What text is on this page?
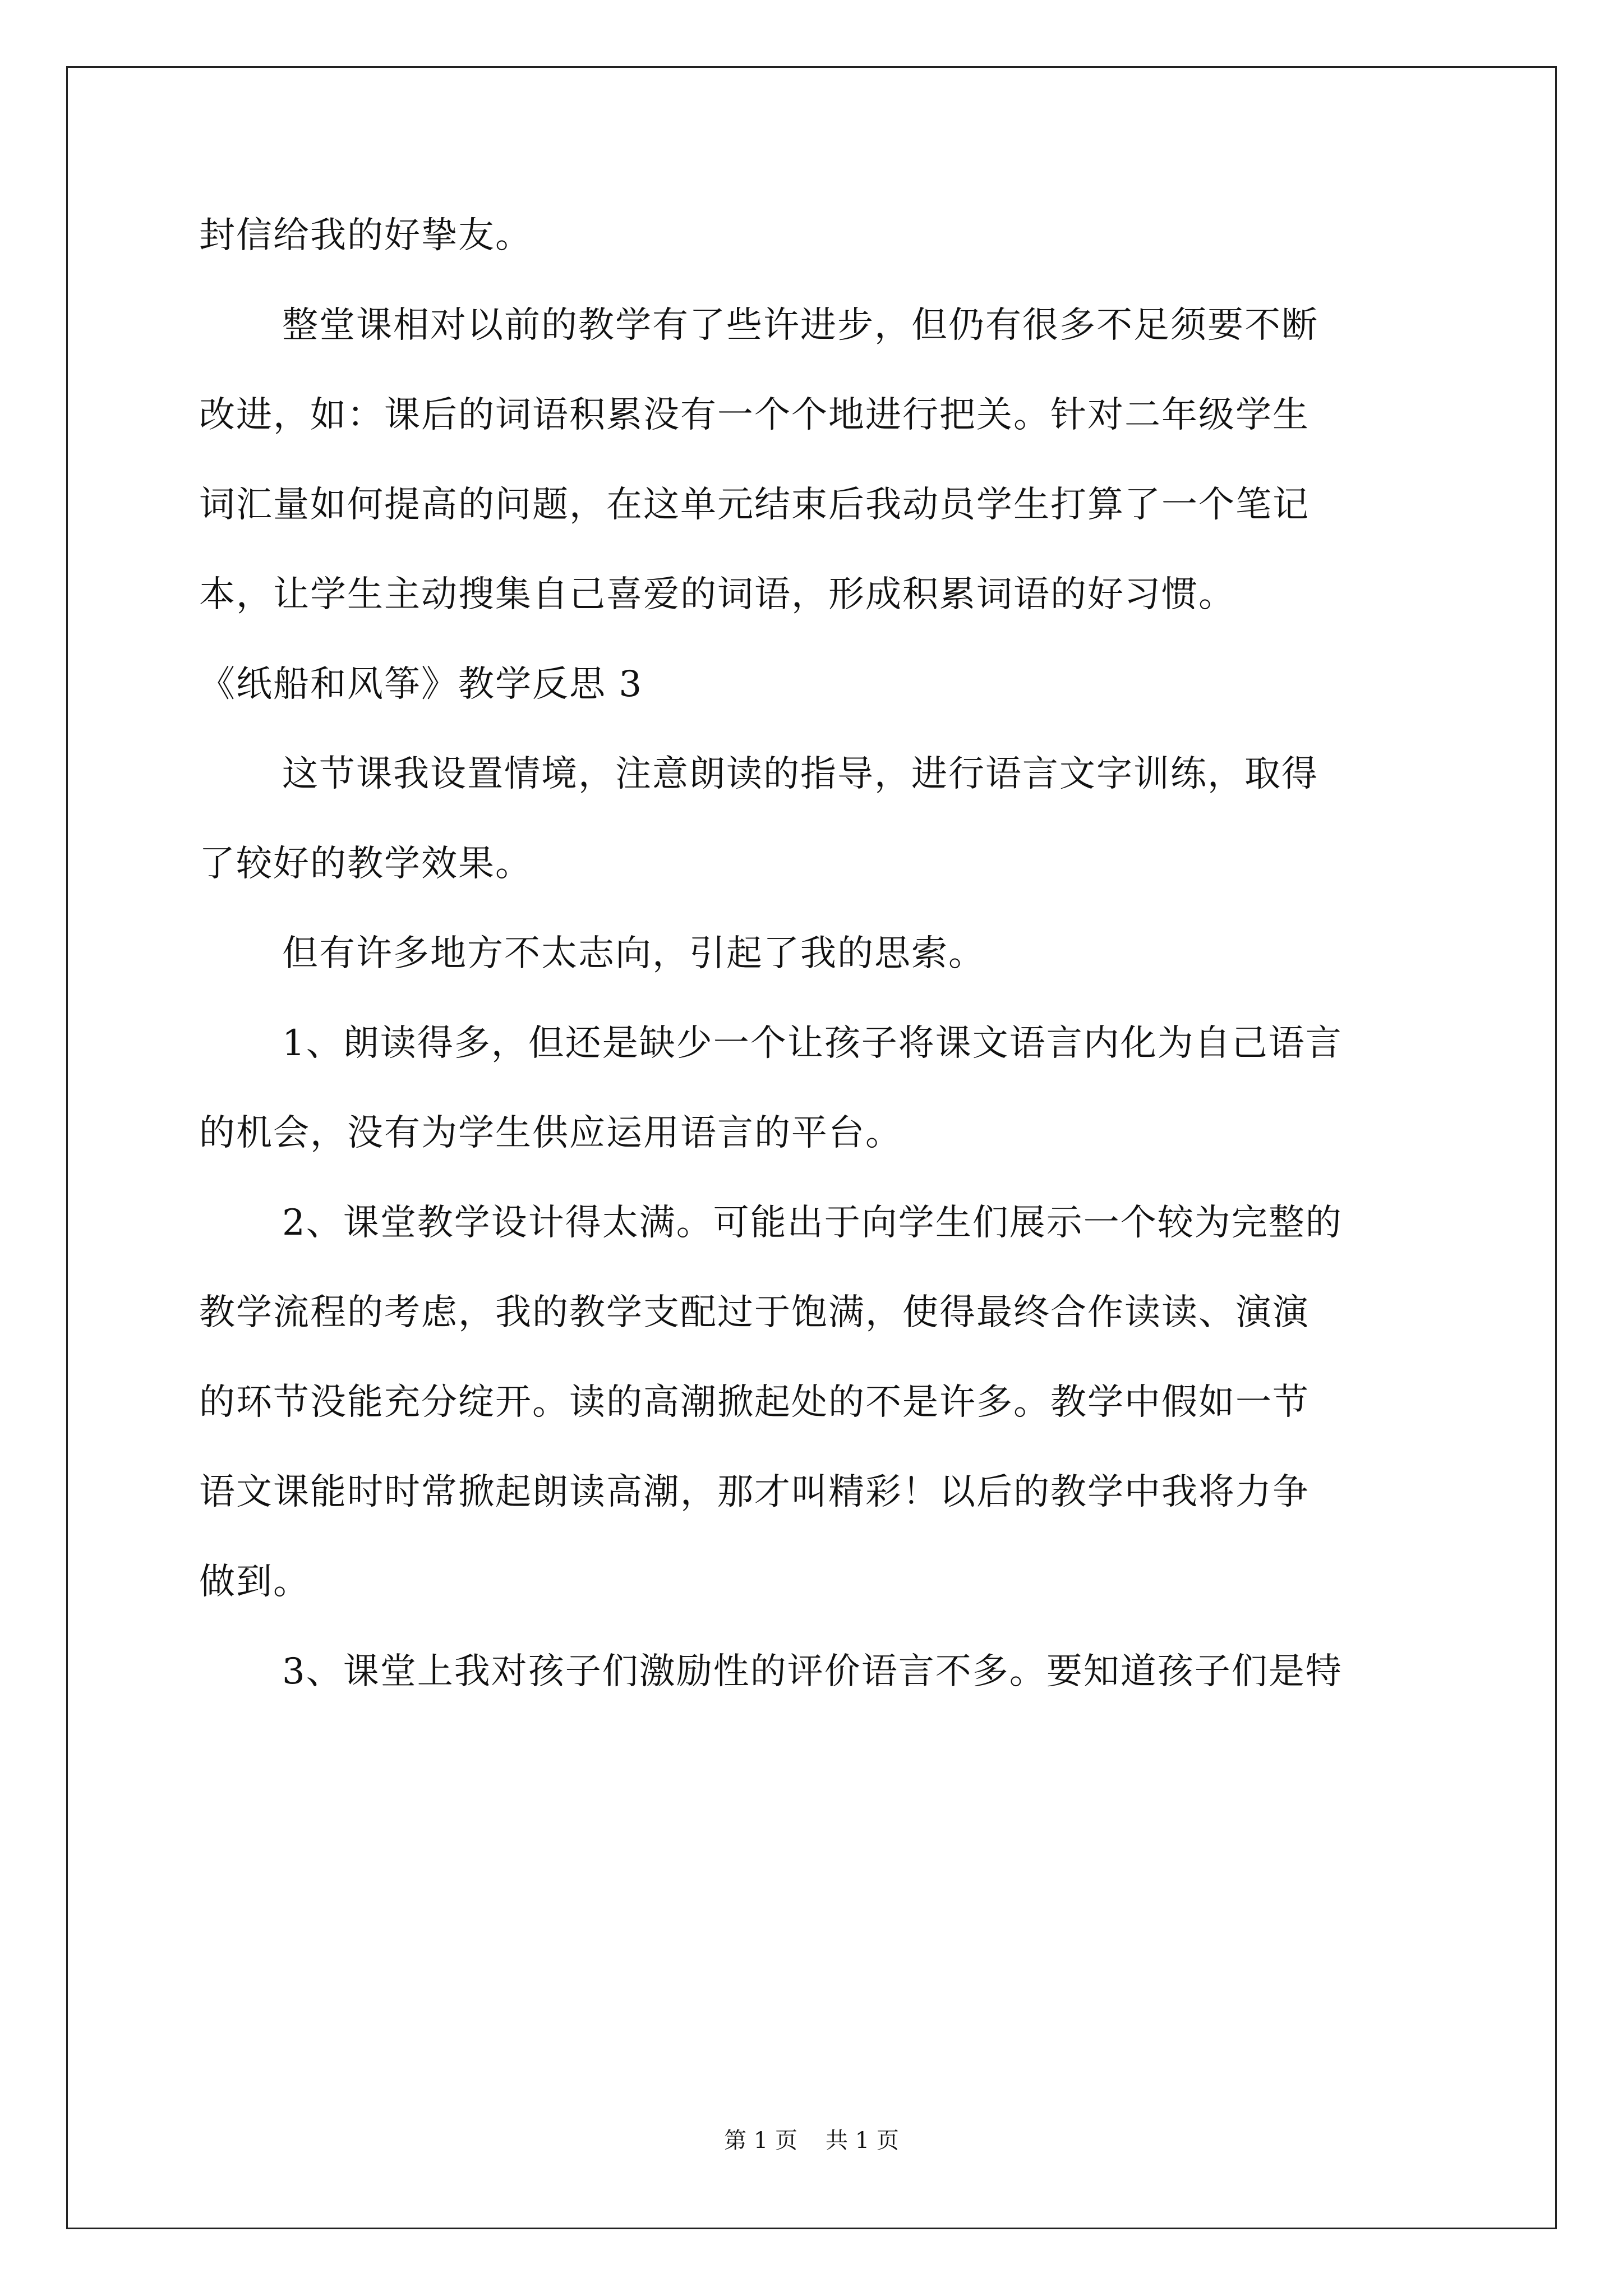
封信给我的好挚友。
整堂课相对以前的教学有了些许进步，但仍有很多不足须要不断
改进，如：课后的词语积累没有一个个地进行把关。针对二年级学生
词汇量如何提高的问题，在这单元结束后我动员学生打算了一个笔记
本，让学生主动搜集自己喜爱的词语，形成积累词语的好习惯。
《纸船和风筝》教学反思 3
这节课我设置情境，注意朗读的指导，进行语言文字训练，取得
了较好的教学效果。
但有许多地方不太志向，引起了我的思索。
1、朗读得多，但还是缺少一个让孩子将课文语言内化为自己语言
的机会，没有为学生供应运用语言的平台。
2、课堂教学设计得太满。可能出于向学生们展示一个较为完整的
教学流程的考虑，我的教学支配过于饱满，使得最终合作读读、演演
的环节没能充分绽开。读的高潮掀起处的不是许多。教学中假如一节
语文课能时时常掀起朗读高潮，那才叫精彩！以后的教学中我将力争
做到。
3、课堂上我对孩子们激励性的评价语言不多。要知道孩子们是特
第 1 页 共 1 页
